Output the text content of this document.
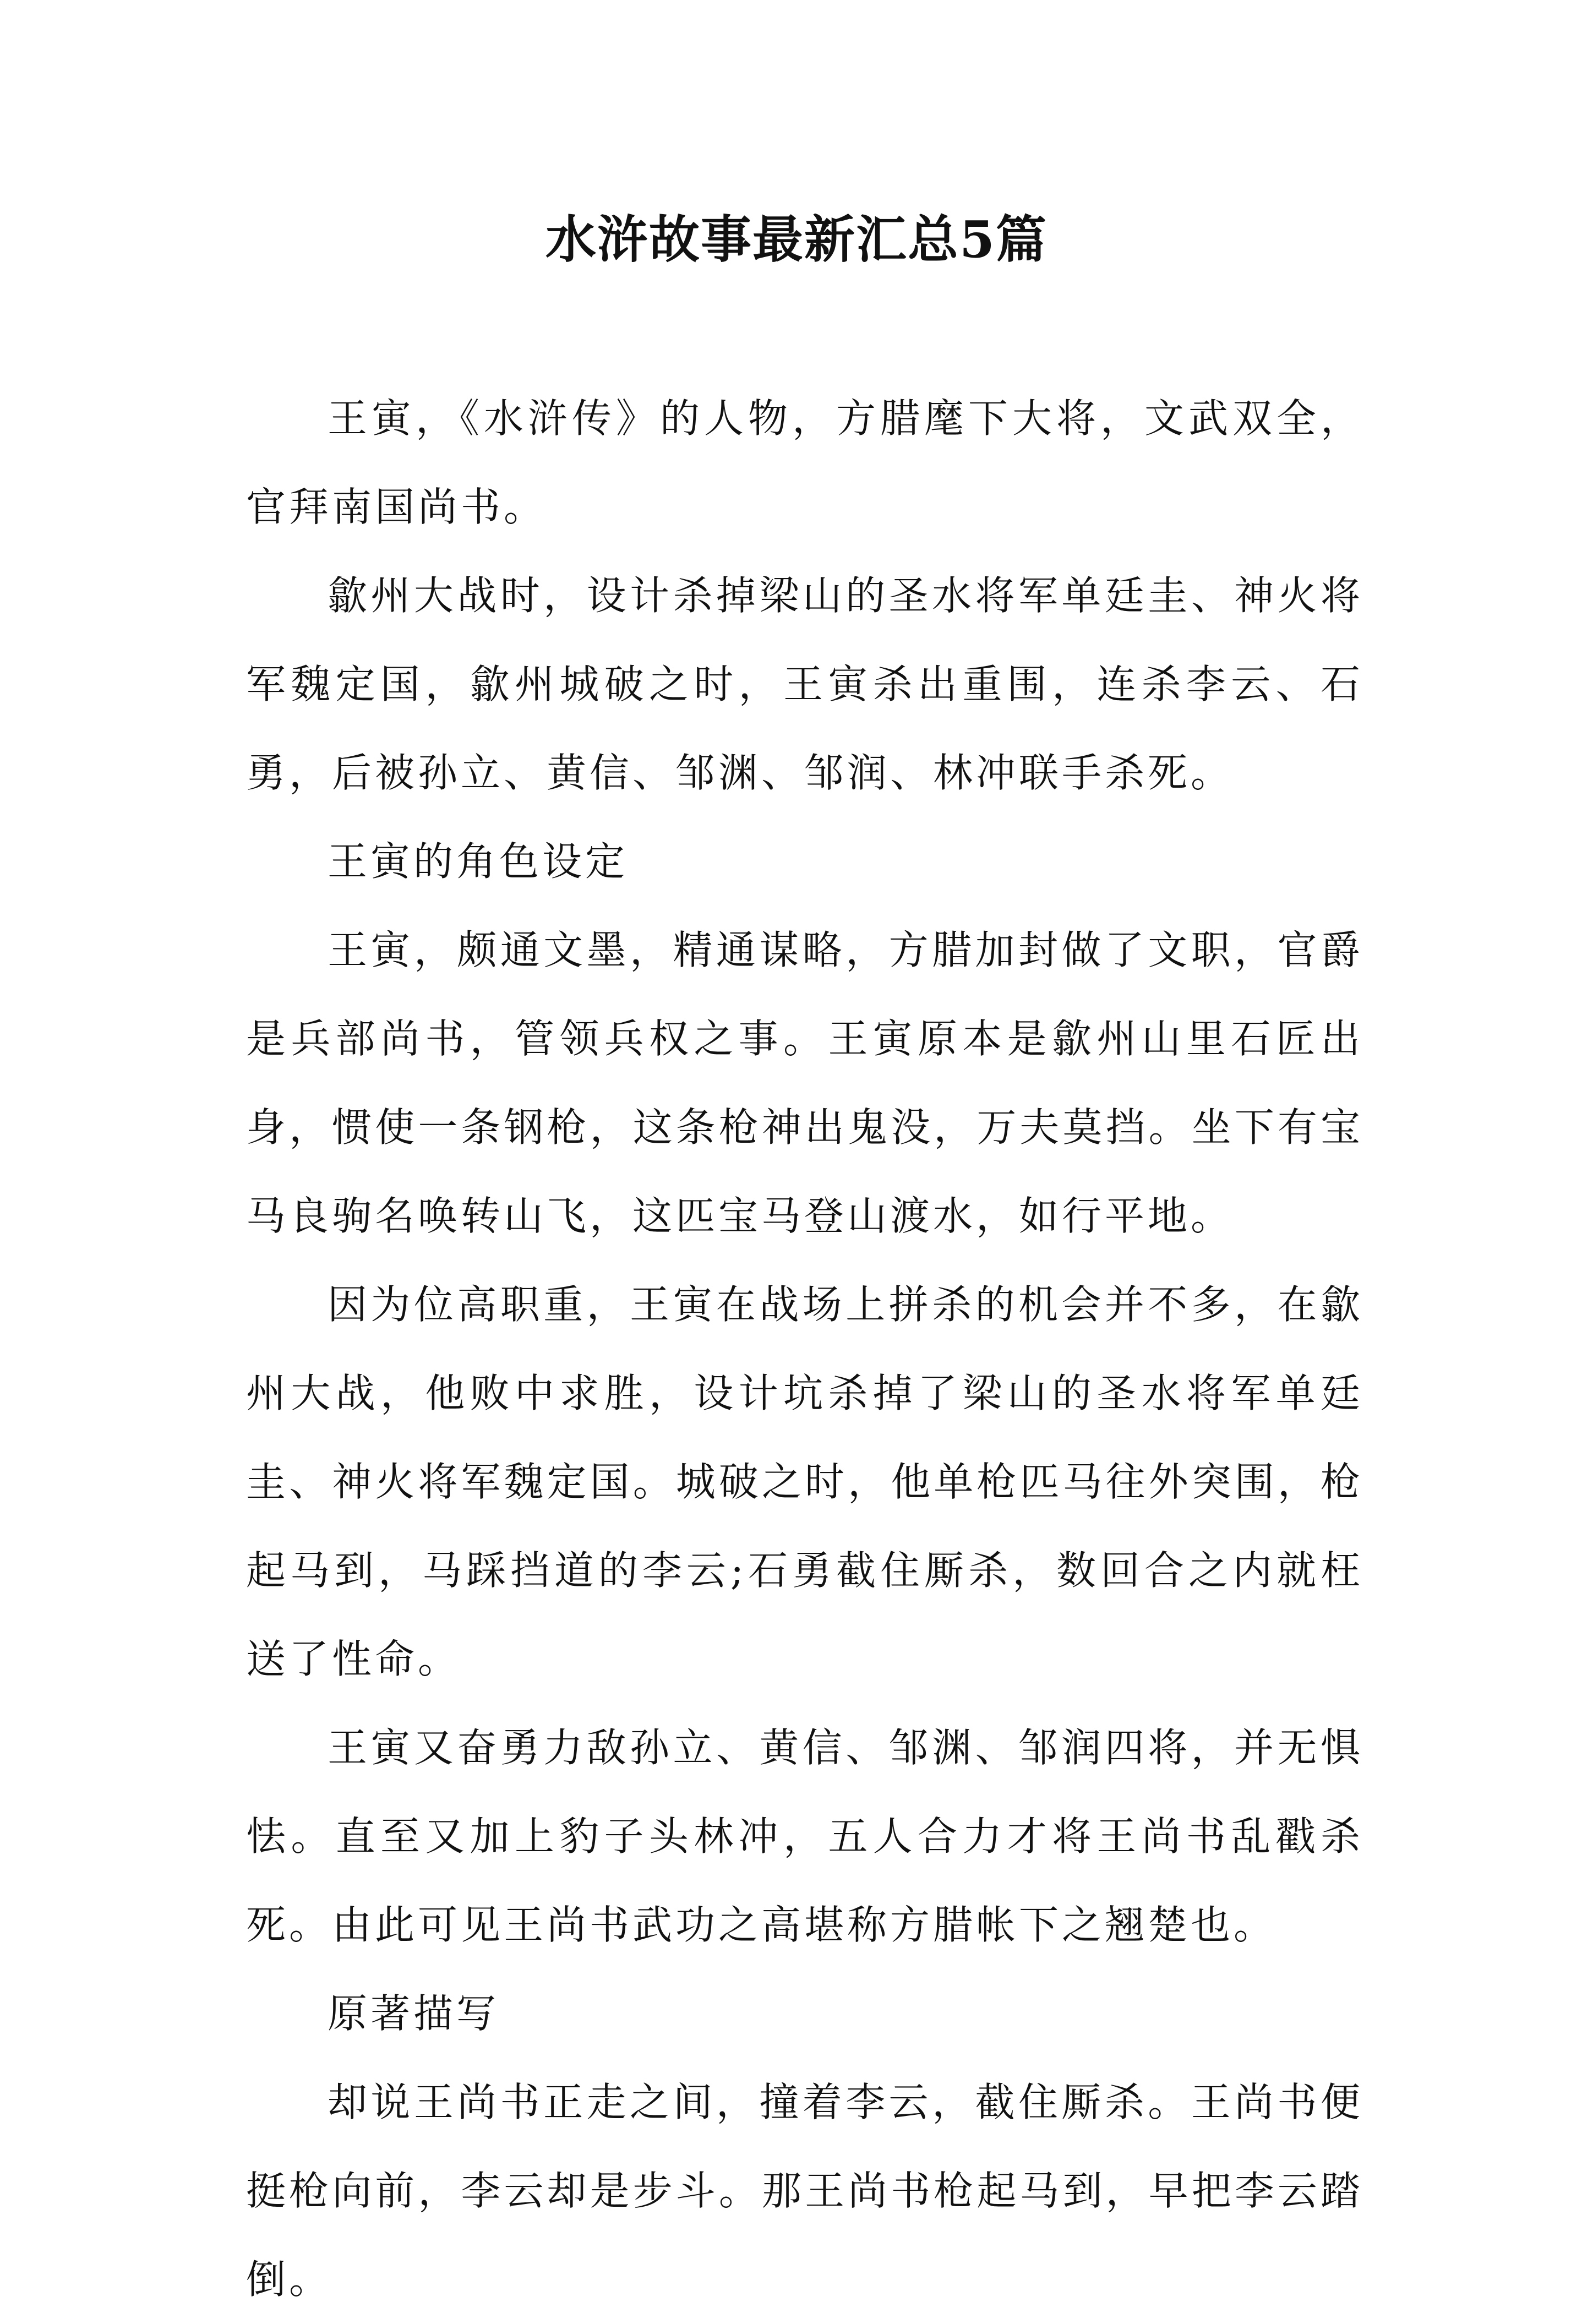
水浒故事最新汇总5篇

王寅，《水浒传》的人物，方腊麾下大将，文武双全，官拜南国尚书。

歙州大战时，设计杀掉梁山的圣水将军单廷圭、神火将军魏定国，歙州城破之时，王寅杀出重围，连杀李云、石勇，后被孙立、黄信、邹渊、邹润、林冲联手杀死。

王寅的角色设定

王寅，颇通文墨，精通谋略，方腊加封做了文职，官爵是兵部尚书，管领兵权之事。王寅原本是歙州山里石匠出身，惯使一条钢枪，这条枪神出鬼没，万夫莫挡。坐下有宝马良驹名唤转山飞，这匹宝马登山渡水，如行平地。

因为位高职重，王寅在战场上拼杀的机会并不多，在歙州大战，他败中求胜，设计坑杀掉了梁山的圣水将军单廷圭、神火将军魏定国。城破之时，他单枪匹马往外突围，枪起马到，马踩挡道的李云;石勇截住厮杀，数回合之内就枉送了性命。

王寅又奋勇力敌孙立、黄信、邹渊、邹润四将，并无惧怯。直至又加上豹子头林冲，五人合力才将王尚书乱戳杀死。由此可见王尚书武功之高堪称方腊帐下之翘楚也。

原著描写

却说王尚书正走之间，撞着李云，截住厮杀。王尚书便挺枪向前，李云却是步斗。那王尚书枪起马到，早把李云踏倒。
